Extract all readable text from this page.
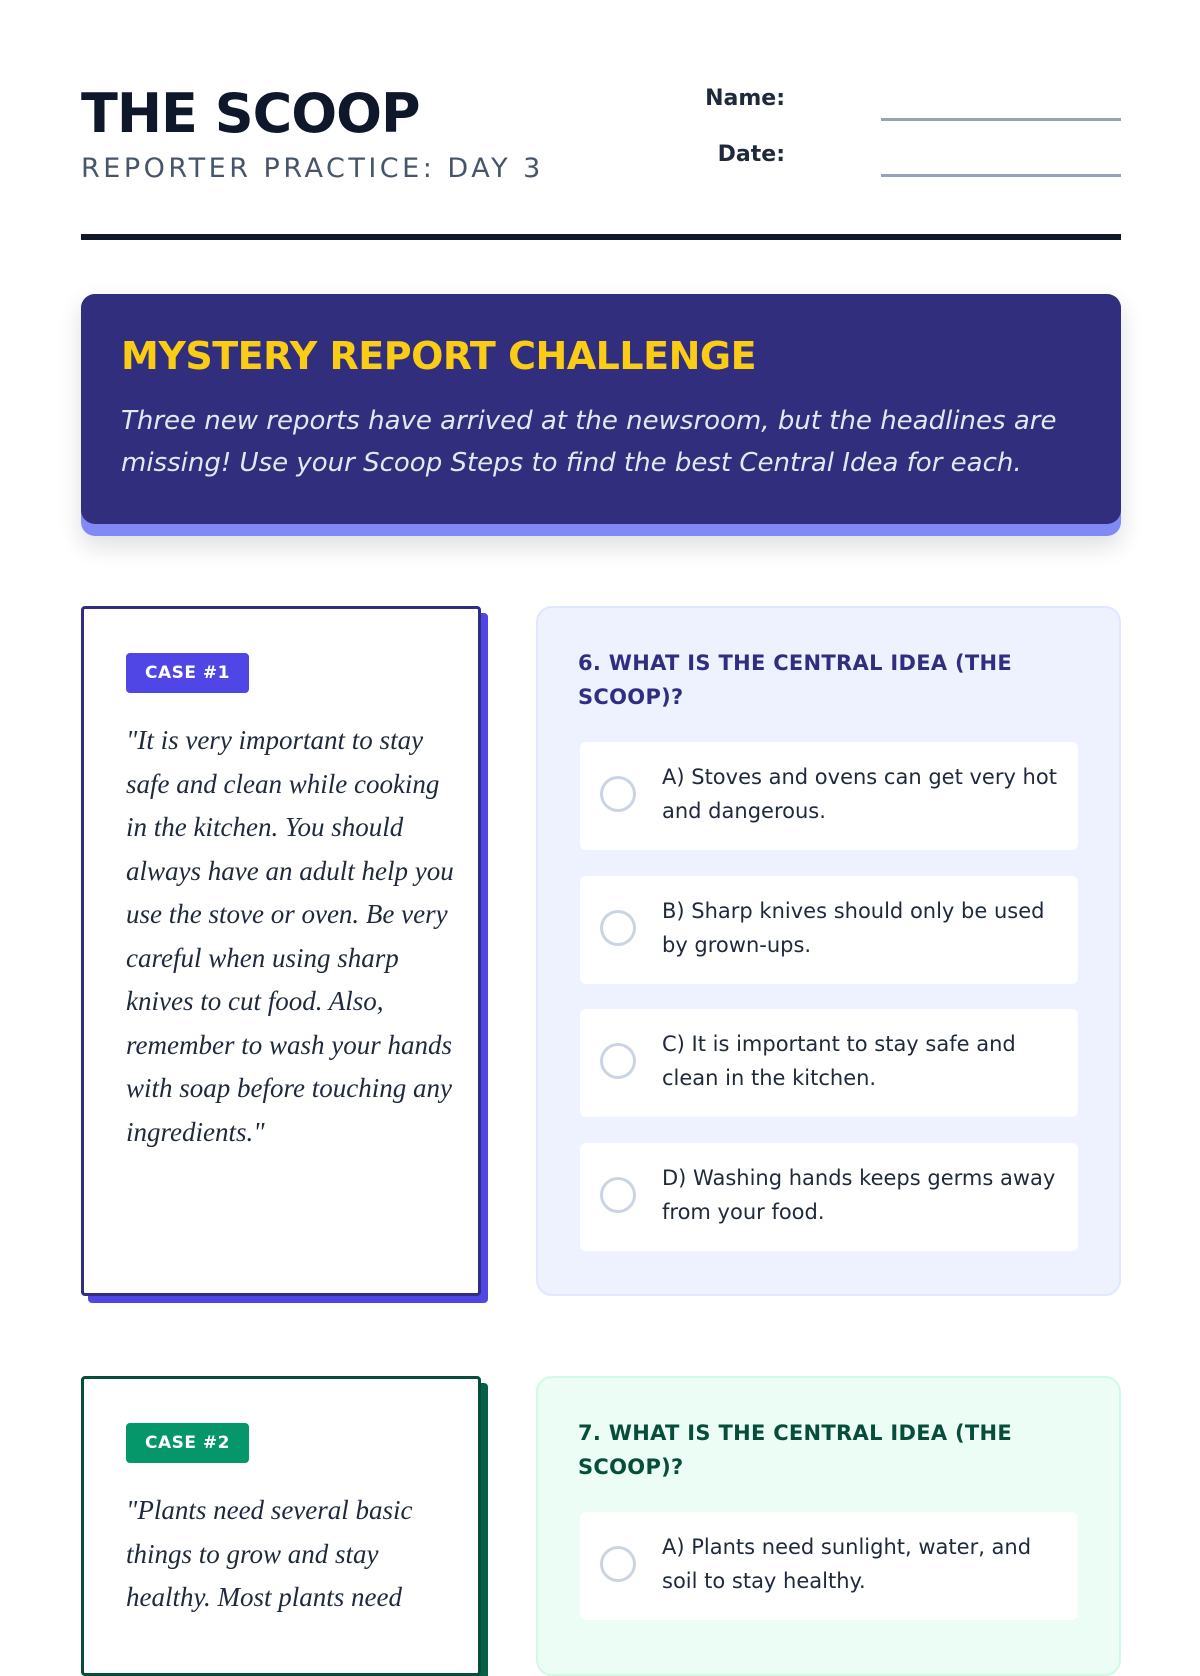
THE SCOOP
REPORTER PRACTICE: DAY 3
Name:
Date:
MYSTERY REPORT CHALLENGE

Three new reports have arrived at the newsroom, but the headlines are missing! Use your Scoop Steps to find the best Central Idea for each.

CASE #1

"It is very important to stay safe and clean while cooking in the kitchen. You should always have an adult help you use the stove or oven. Be very careful when using sharp knives to cut food. Also, remember to wash your hands with soap before touching any ingredients."

6. WHAT IS THE CENTRAL IDEA (THE SCOOP)?

A) Stoves and ovens can get very hot and dangerous.

B) Sharp knives should only be used by grown-ups.

C) It is important to stay safe and clean in the kitchen.

D) Washing hands keeps germs away from your food.

CASE #2

"Plants need several basic things to grow and stay healthy. Most plants need

7. WHAT IS THE CENTRAL IDEA (THE SCOOP)?

A) Plants need sunlight, water, and soil to stay healthy.
